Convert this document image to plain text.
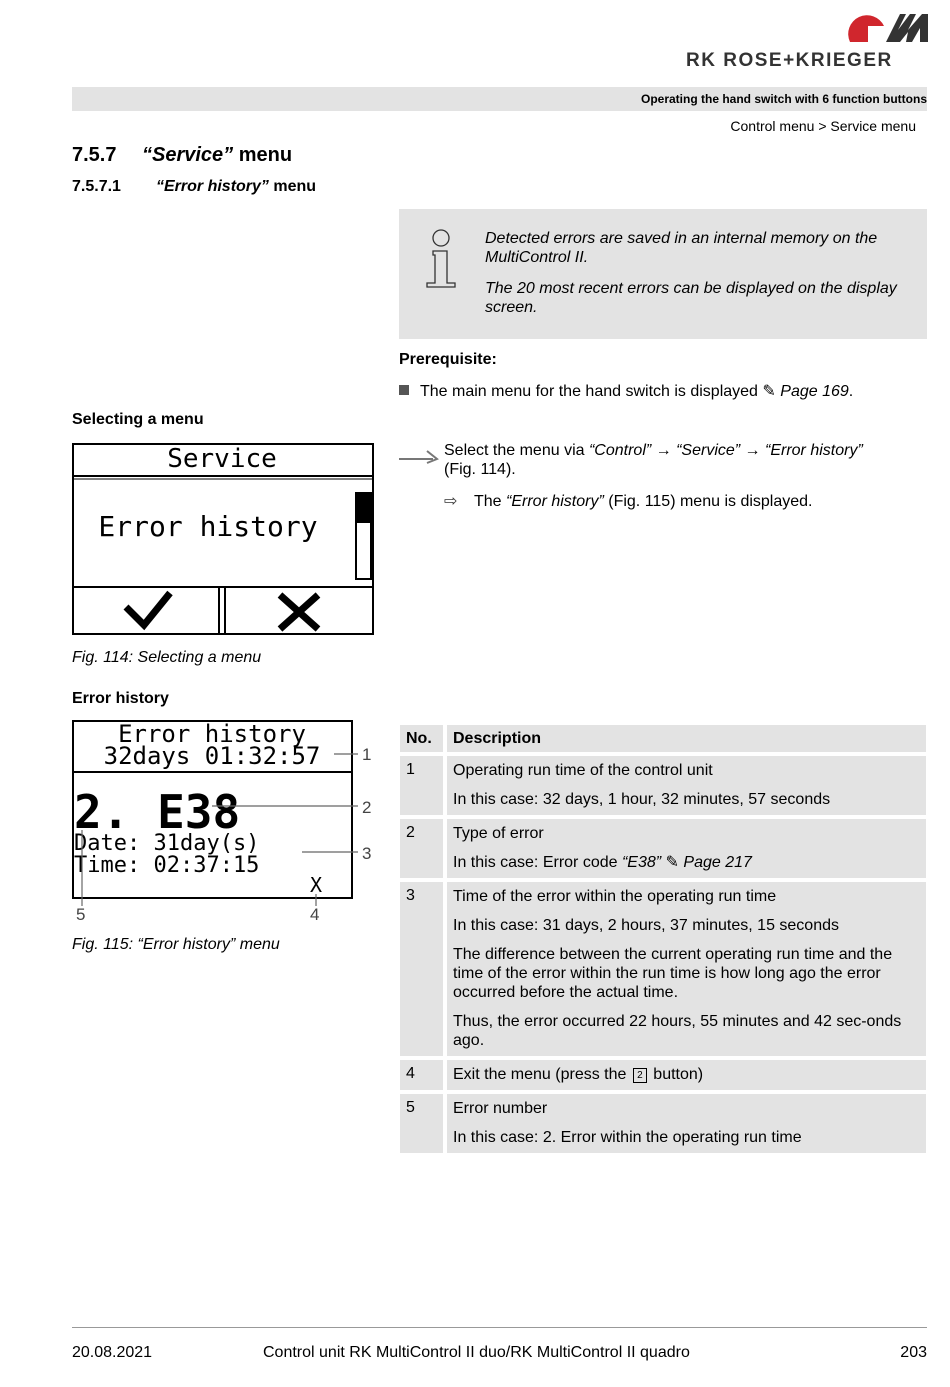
RK ROSE+KRIEGER
Operating the hand switch with 6 function buttons
Control menu > Service menu
7.5.7 “Service” menu
7.5.7.1 “Error history” menu
Detected errors are saved in an internal memory on the MultiControl II.
The 20 most recent errors can be displayed on the display screen.
Prerequisite:
The main menu for the hand switch is displayed ✎ Page 169.
Selecting a menu
Select the menu via “Control” → “Service” → “Error history”
(Fig. 114).
⇨ The “Error history” (Fig. 115) menu is displayed.
Service
Error history
Fig. 114: Selecting a menu
Error history
Error history
32days 01:32:57
2. E38
Date: 31day(s)
Time: 02:37:15
X
1
2
3
4
5
Fig. 115: “Error history” menu
No.	Description
1	Operating run time of the control unit

In this case: 32 days, 1 hour, 32 minutes, 57 seconds

2	Type of error

In this case: Error code “E38” ✎ Page 217

3	Time of the error within the operating run time

In this case: 31 days, 2 hours, 37 minutes, 15 seconds

The difference between the current operating run time and the time of the error within the run time is how long ago the error occurred before the actual time.

Thus, the error occurred 22 hours, 55 minutes and 42 sec-onds ago.

4	Exit the menu (press the 2 button)

5	Error number

In this case: 2. Error within the operating run time

20.08.2021	Control unit RK MultiControl II duo/RK MultiControl II quadro	203
